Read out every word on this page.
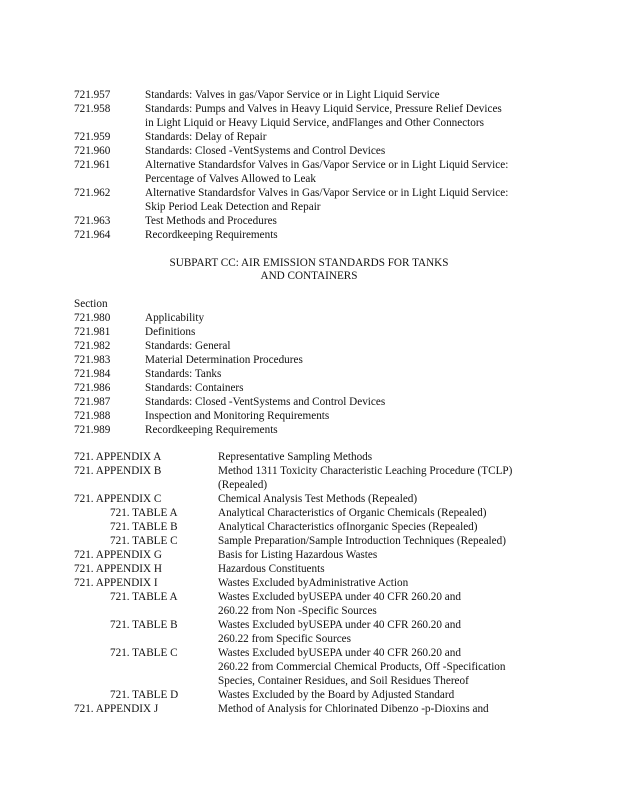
721.957	Standards: Valves in gas/Vapor Service or in Light Liquid Service
721.958	Standards: Pumps and Valves in Heavy Liquid Service, Pressure Relief Devices
in Light Liquid or Heavy Liquid Service, andFlanges and Other Connectors
721.959	Standards: Delay of Repair
721.960	Standards: Closed -VentSystems and Control Devices
721.961	Alternative Standardsfor Valves in Gas/Vapor Service or in Light Liquid Service:
Percentage of Valves Allowed to Leak
721.962	Alternative Standardsfor Valves in Gas/Vapor Service or in Light Liquid Service:
Skip Period Leak Detection and Repair
721.963	Test Methods and Procedures
721.964	Recordkeeping Requirements
SUBPART CC: AIR EMISSION STANDARDS FOR TANKS
AND CONTAINERS
Section
721.980	Applicability
721.981	Definitions
721.982	Standards: General
721.983	Material Determination Procedures
721.984	Standards: Tanks
721.986	Standards: Containers
721.987	Standards: Closed -VentSystems and Control Devices
721.988	Inspection and Monitoring Requirements
721.989	Recordkeeping Requirements
721. APPENDIX A	Representative Sampling Methods
721. APPENDIX B	Method 1311 Toxicity Characteristic Leaching Procedure (TCLP)
(Repealed)
721. APPENDIX C	Chemical Analysis Test Methods (Repealed)
721. TABLE A	Analytical Characteristics of Organic Chemicals (Repealed)
721. TABLE B	Analytical Characteristics ofInorganic Species (Repealed)
721. TABLE C	Sample Preparation/Sample Introduction Techniques (Repealed)
721. APPENDIX G	Basis for Listing Hazardous Wastes
721. APPENDIX H	Hazardous Constituents
721. APPENDIX I	Wastes Excluded byAdministrative Action
721. TABLE A	Wastes Excluded byUSEPA under 40 CFR 260.20 and
260.22 from Non -Specific Sources
721. TABLE B	Wastes Excluded byUSEPA under 40 CFR 260.20 and
260.22 from Specific Sources
721. TABLE C	Wastes Excluded byUSEPA under 40 CFR 260.20 and
260.22 from Commercial Chemical Products, Off -Specification
Species, Container Residues, and Soil Residues Thereof
721. TABLE D	Wastes Excluded by the Board by Adjusted Standard
721. APPENDIX J	Method of Analysis for Chlorinated Dibenzo -p-Dioxins and
